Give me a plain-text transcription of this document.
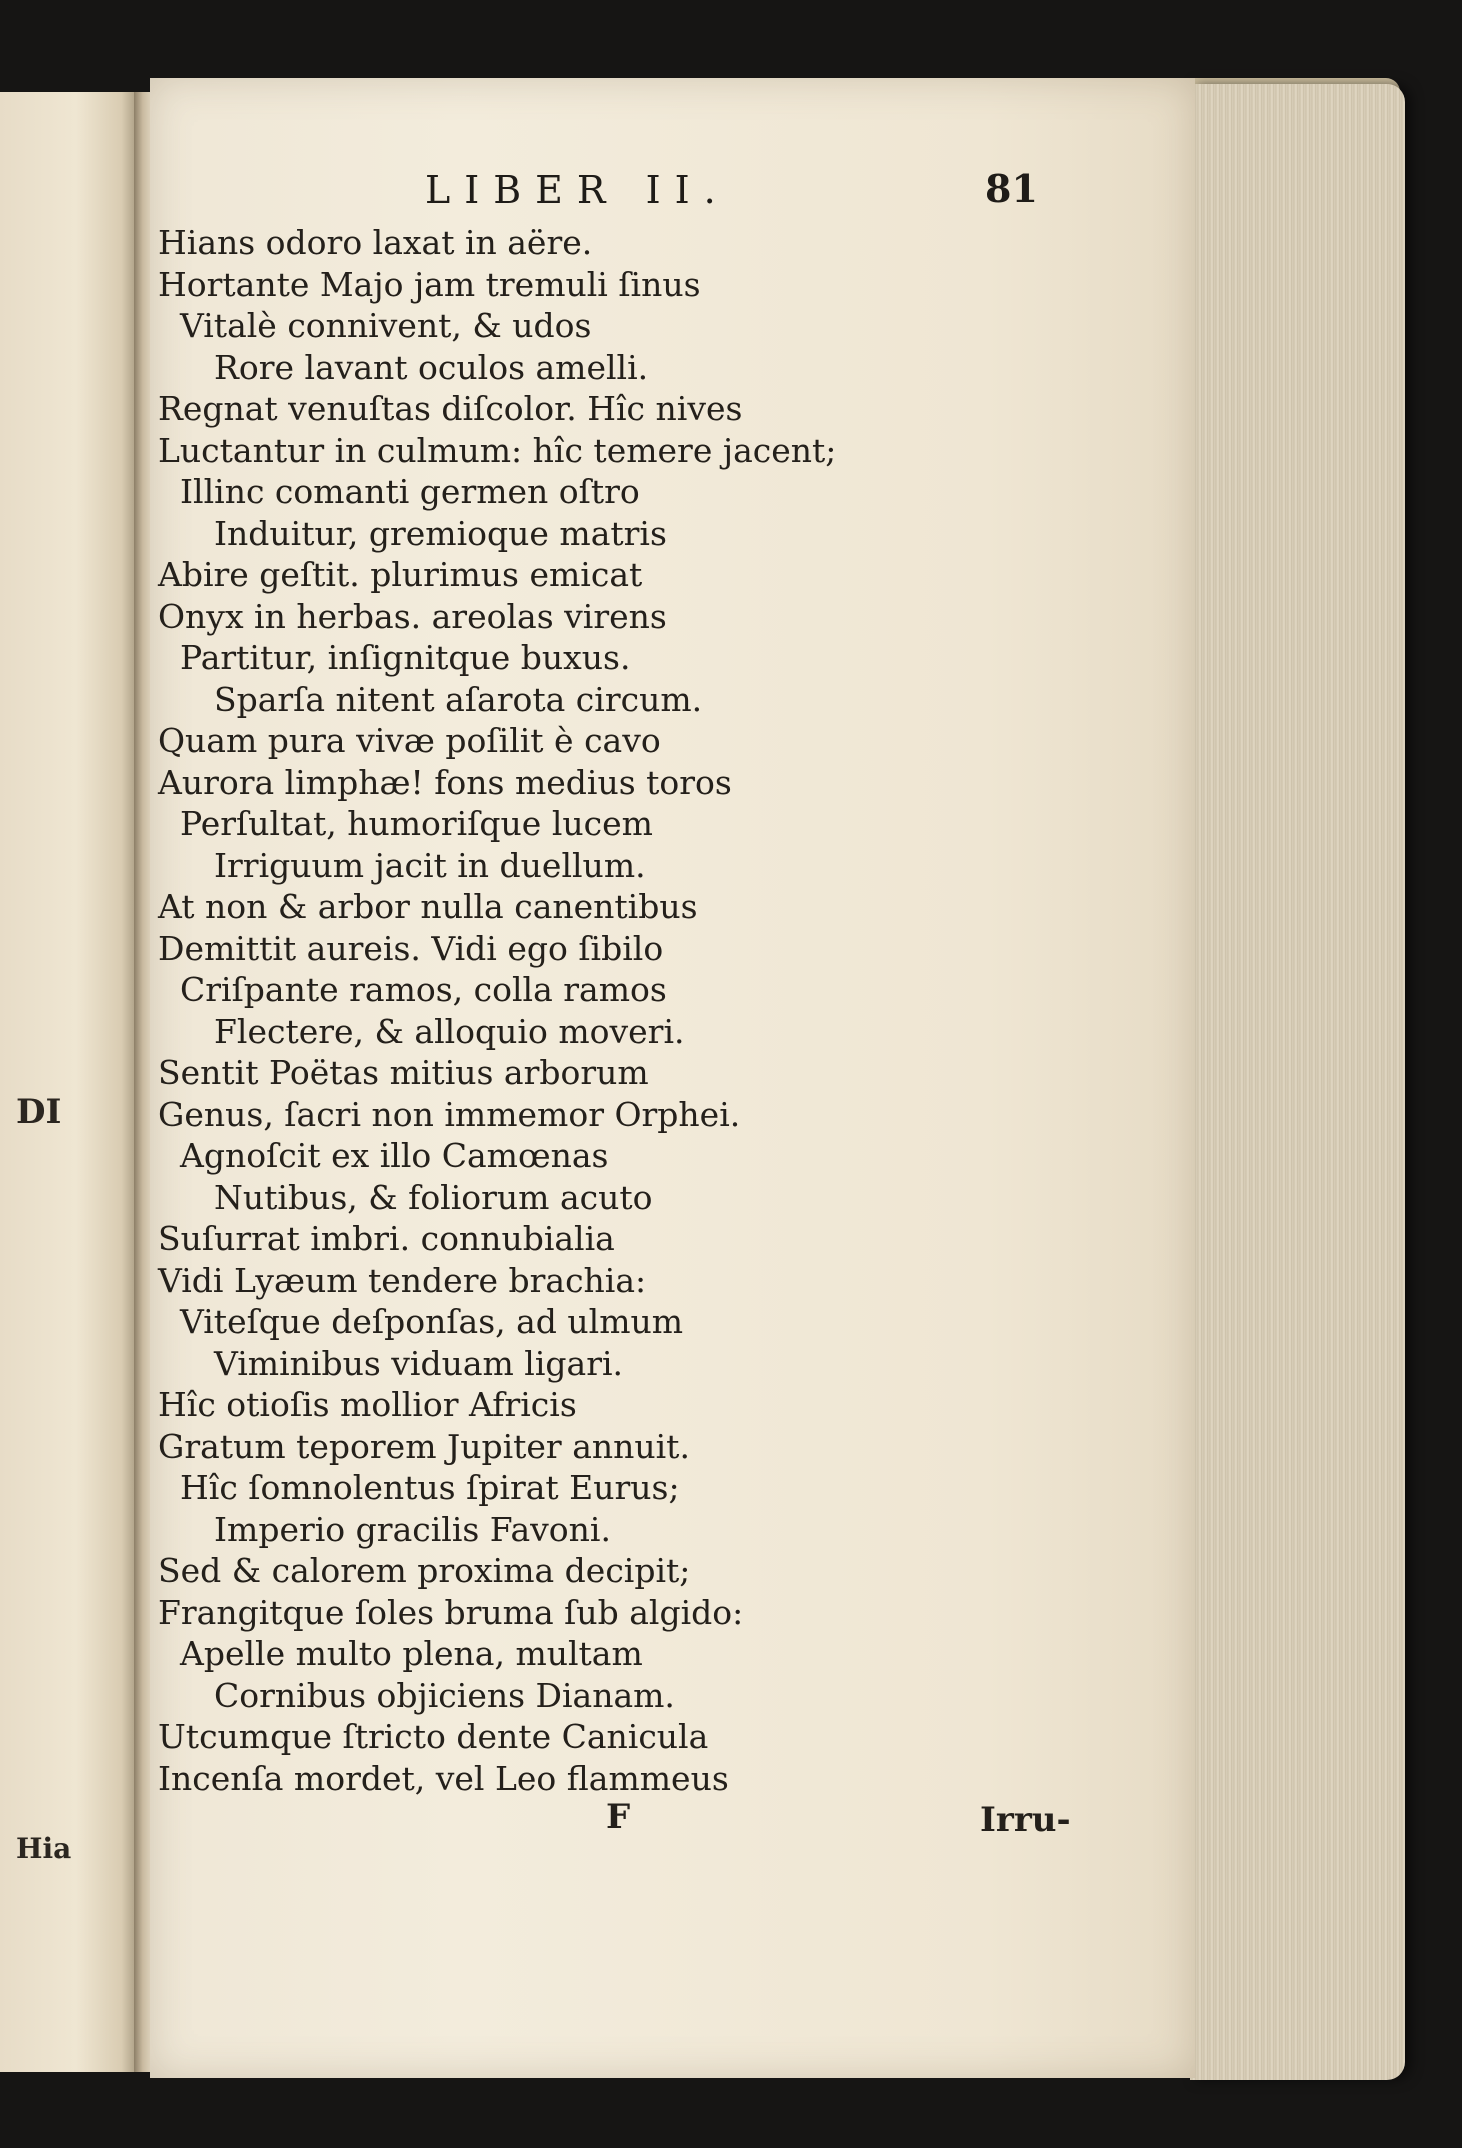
DI
Hia
LIBER II.	81
Hians odoro laxat in aëre.
Hortante Majo jam tremuli ſinus
Vitalè connivent, & udos
Rore lavant oculos amelli.
Regnat venuſtas diſcolor. Hîc nives
Luctantur in culmum: hîc temere jacent;
Illinc comanti germen oſtro
Induitur, gremioque matris
Abire geſtit. plurimus emicat
Onyx in herbas. areolas virens
Partitur, inſignitque buxus.
Sparſa nitent aſarota circum.
Quam pura vivæ poſilit è cavo
Aurora limphæ! fons medius toros
Perſultat, humoriſque lucem
Irriguum jacit in duellum.
At non & arbor nulla canentibus
Demittit aureis. Vidi ego ſibilo
Criſpante ramos, colla ramos
Flectere, & alloquio moveri.
Sentit Poëtas mitius arborum
Genus, ſacri non immemor Orphei.
Agnoſcit ex illo Camœnas
Nutibus, & foliorum acuto
Suſurrat imbri. connubialia
Vidi Lyæum tendere brachia:
Viteſque deſponſas, ad ulmum
Viminibus viduam ligari.
Hîc otioſis mollior Africis
Gratum teporem Jupiter annuit.
Hîc ſomnolentus ſpirat Eurus;
Imperio gracilis Favoni.
Sed & calorem proxima decipit;
Frangitque ſoles bruma ſub algido:
Apelle multo plena, multam
Cornibus objiciens Dianam.
Utcumque ſtricto dente Canicula
Incenſa mordet, vel Leo flammeus
F	Irru-
